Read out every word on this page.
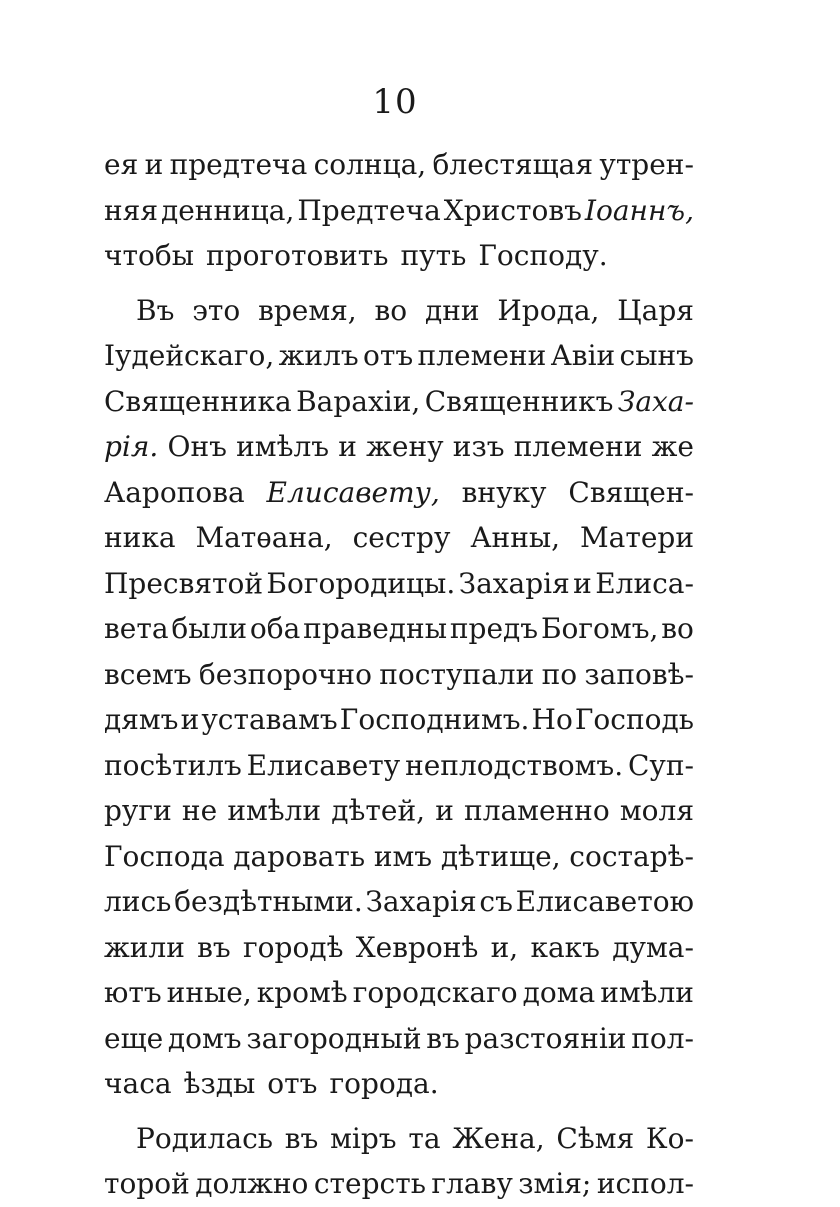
10
ея и предтеча солнца, блестящая утрен-
няя денница, Предтеча Христовъ Іоаннъ,
чтобы проготовить путь Господу.
Въ это время, во дни Ирода, Царя
Іудейскаго, жилъ отъ племени Авіи сынъ
Священника Варахіи, Священникъ Заха-
рія. Онъ имѣлъ и жену изъ племени же
Ааропова Елисавету, внуку Священ-
ника Матѳана, сестру Анны, Матери
Пресвятой Богородицы. Захарія и Елиса-
вета были оба праведны предъ Богомъ, во
всемъ безпорочно поступали по заповѣ-
дямъ и уставамъ Господнимъ. Но Господь
посѣтилъ Елисавету неплодствомъ. Суп-
руги не имѣли дѣтей, и пламенно моля
Господа даровать имъ дѣтище, состарѣ-
лись бездѣтными. Захарія съ Елисаветою
жили въ городѣ Хевронѣ и, какъ дума-
ютъ иные, кромѣ городскаго дома имѣли
еще домъ загородный въ разстояніи пол-
часа ѣзды отъ города.
Родилась въ міръ та Жена, Сѣмя Ко-
торой должно стерсть главу змія; испол-
